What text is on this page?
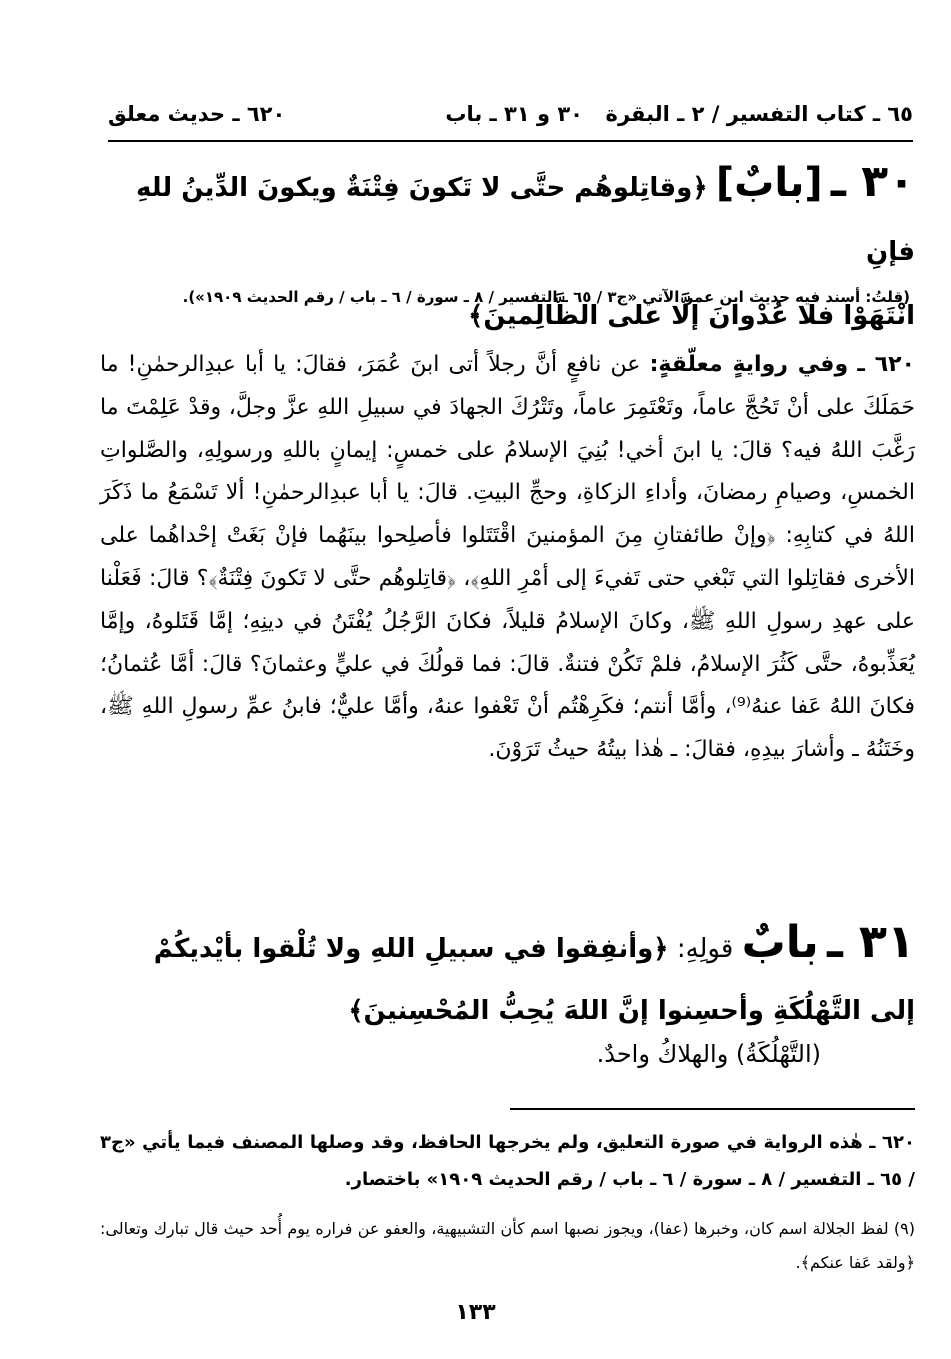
٦٥ ـ كتاب التفسير / ٢ ـ البقرة
٣٠ و ٣١ ـ باب
٦٢٠ ـ حديث معلق
٣٠ ـ [بابٌ] ﴿وقاتِلوهُم حتَّى لا تَكونَ فِتْنَةٌ ويكونَ الدِّينُ للهِ فإنِ
انْتَهَوْا فلا عُدْوانَ إلَّا على الظَّالِمينَ﴾
(قلتُ: أسند فيه حديث ابن عمر الآتي «ج٣ / ٦٥ ـ التفسير / ٨ ـ سورة / ٦ ـ باب / رقم الحديث ١٩٠٩»).
٦٢٠ ـ وفي روايةٍ معلّقةٍ: عن نافعٍ أنَّ رجلاً أتى ابنَ عُمَرَ، فقالَ: يا أبا عبدِالرحمٰنِ! ما حَمَلَكَ على أنْ تَحُجَّ عاماً، وتَعْتَمِرَ عاماً، وتَتْرُكَ الجهادَ في سبيلِ اللهِ عزَّ وجلَّ، وقدْ عَلِمْتَ ما رَغَّبَ اللهُ فيه؟ قالَ: يا ابنَ أخي! بُنِيَ الإسلامُ على خمسٍ: إيمانٍ باللهِ ورسولِهِ، والصَّلواتِ الخمسِ، وصيامِ رمضانَ، وأداءِ الزكاةِ، وحجِّ البيتِ. قالَ: يا أبا عبدِالرحمٰنِ! ألا تَسْمَعُ ما ذَكَرَ اللهُ في كتابِهِ: ﴿وإنْ طائفتانِ مِنَ المؤمنينَ اقْتَتَلوا فأصلِحوا بينَهُما فإنْ بَغَتْ إحْداهُما على الأخرى فقاتِلوا التي تَبْغي حتى تَفيءَ إلى أمْرِ اللهِ﴾، ﴿قاتِلوهُم حتَّى لا تَكونَ فِتْنَةٌ﴾؟ قالَ: فَعَلْنا على عهدِ رسولِ اللهِ ﷺ، وكانَ الإسلامُ قليلاً، فكانَ الرَّجُلُ يُفْتَنُ في دينِهِ؛ إمَّا قَتَلوهُ، وإمَّا يُعَذِّبوهُ، حتَّى كَثُرَ الإسلامُ، فلمْ تَكُنْ فتنةٌ. قالَ: فما قولُكَ في عليٍّ وعثمانَ؟ قالَ: أمَّا عُثمانُ؛ فكانَ اللهُ عَفا عنهُ⁽⁹⁾، وأمَّا أنتم؛ فكَرِهْتُم أنْ تَعْفوا عنهُ، وأمَّا عليٌّ؛ فابنُ عمِّ رسولِ اللهِ ﷺ، وخَتَنُهُ ـ وأشارَ بيدِهِ، فقالَ: ـ هٰذا بيتُهُ حيثُ تَرَوْنَ.
٣١ ـ بابٌ قولِهِ: ﴿وأنفِقوا في سبيلِ اللهِ ولا تُلْقوا بأيْديكُمْ إلى التَّهْلُكَةِ وأحسِنوا إنَّ اللهَ يُحِبُّ المُحْسِنينَ﴾
(التَّهْلُكَةُ) والهلاكُ واحدٌ.
٦٢٠ ـ هٰذه الرواية في صورة التعليق، ولم يخرجها الحافظ، وقد وصلها المصنف فيما يأتي «ج٣ / ٦٥ ـ التفسير / ٨ ـ سورة / ٦ ـ باب / رقم الحديث ١٩٠٩» باختصار.
(٩) لفظ الجلالة اسم كان، وخبرها (عفا)، ويجوز نصبها اسم كأن التشبيهية، والعفو عن فراره يوم أُحد حيث قال تبارك وتعالى: ﴿ولقد عَفا عنكم﴾.
١٣٣
